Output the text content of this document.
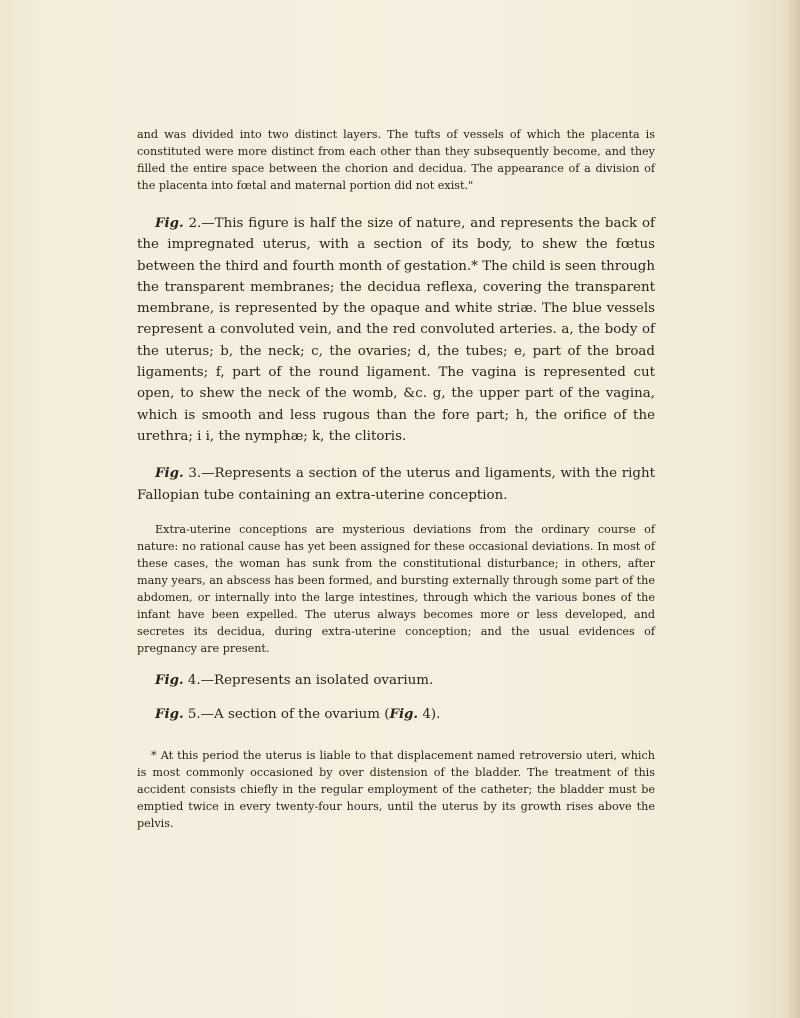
and was divided into two distinct layers. The tufts of vessels of which the placenta is constituted were more distinct from each other than they subsequently become, and they filled the entire space between the chorion and decidua. The appearance of a division of the placenta into fœtal and maternal portion did not exist."

Fig. 2.—This figure is half the size of nature, and represents the back of the impregnated uterus, with a section of its body, to shew the fœtus between the third and fourth month of gestation.* The child is seen through the transparent membranes; the decidua reflexa, covering the transparent membrane, is represented by the opaque and white striæ. The blue vessels represent a convoluted vein, and the red convoluted arteries. a, the body of the uterus; b, the neck; c, the ovaries; d, the tubes; e, part of the broad ligaments; f, part of the round ligament. The vagina is represented cut open, to shew the neck of the womb, &c. g, the upper part of the vagina, which is smooth and less rugous than the fore part; h, the orifice of the urethra; i i, the nymphæ; k, the clitoris.

Fig. 3.—Represents a section of the uterus and ligaments, with the right Fallopian tube containing an extra-uterine conception.

Extra-uterine conceptions are mysterious deviations from the ordinary course of nature: no rational cause has yet been assigned for these occasional deviations. In most of these cases, the woman has sunk from the constitutional disturbance; in others, after many years, an abscess has been formed, and bursting externally through some part of the abdomen, or internally into the large intestines, through which the various bones of the infant have been expelled. The uterus always becomes more or less developed, and secretes its decidua, during extra-uterine conception; and the usual evidences of pregnancy are present.

Fig. 4.—Represents an isolated ovarium.

Fig. 5.—A section of the ovarium (Fig. 4).

* At this period the uterus is liable to that displacement named retroversio uteri, which is most commonly occasioned by over distension of the bladder. The treatment of this accident consists chiefly in the regular employment of the catheter; the bladder must be emptied twice in every twenty-four hours, until the uterus by its growth rises above the pelvis.
